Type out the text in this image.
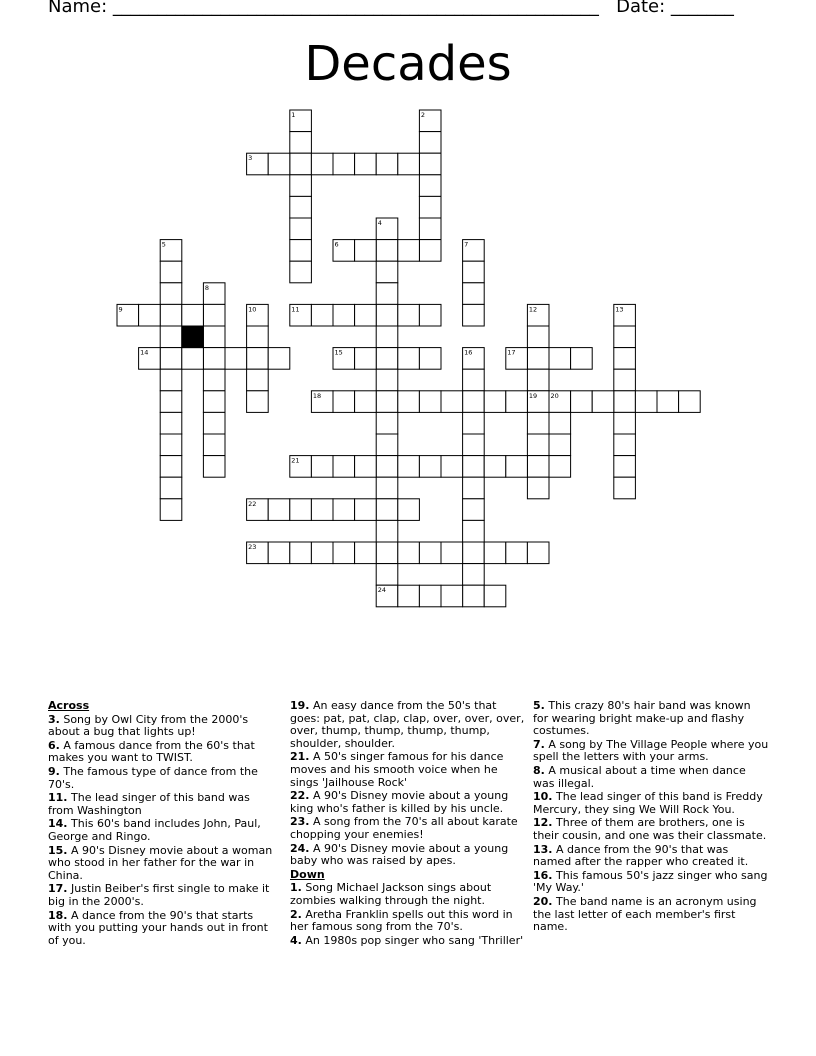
Name: ______________________________________________________ Date: _______
Decades
1	2
3
4
5	6	7
8
9	10	11	12	13
14	15	16	17
18	19 20
21
22
23
24
Across
3. Song by Owl City from the 2000's about a bug that lights up!
6. A famous dance from the 60's that makes you want to TWIST.
9. The famous type of dance from the 70's.
11. The lead singer of this band was from Washington
14. This 60's band includes John, Paul, George and Ringo.
15. A 90's Disney movie about a woman who stood in her father for the war in China.
17. Justin Beiber's first single to make it big in the 2000's.
18. A dance from the 90's that starts with you putting your hands out in front of you.
19. An easy dance from the 50's that goes: pat, pat, clap, clap, over, over, over, over, thump, thump, thump, thump, shoulder, shoulder.
21. A 50's singer famous for his dance moves and his smooth voice when he sings 'Jailhouse Rock'
22. A 90's Disney movie about a young king who's father is killed by his uncle.
23. A song from the 70's all about karate chopping your enemies!
24. A 90's Disney movie about a young baby who was raised by apes.
Down
1. Song Michael Jackson sings about zombies walking through the night.
2. Aretha Franklin spells out this word in her famous song from the 70's.
4. An 1980s pop singer who sang 'Thriller'
5. This crazy 80's hair band was known for wearing bright make-up and flashy costumes.
7. A song by The Village People where you spell the letters with your arms.
8. A musical about a time when dance was illegal.
10. The lead singer of this band is Freddy Mercury, they sing We Will Rock You.
12. Three of them are brothers, one is their cousin, and one was their classmate.
13. A dance from the 90's that was named after the rapper who created it.
16. This famous 50's jazz singer who sang 'My Way.'
20. The band name is an acronym using the last letter of each member's first name.
